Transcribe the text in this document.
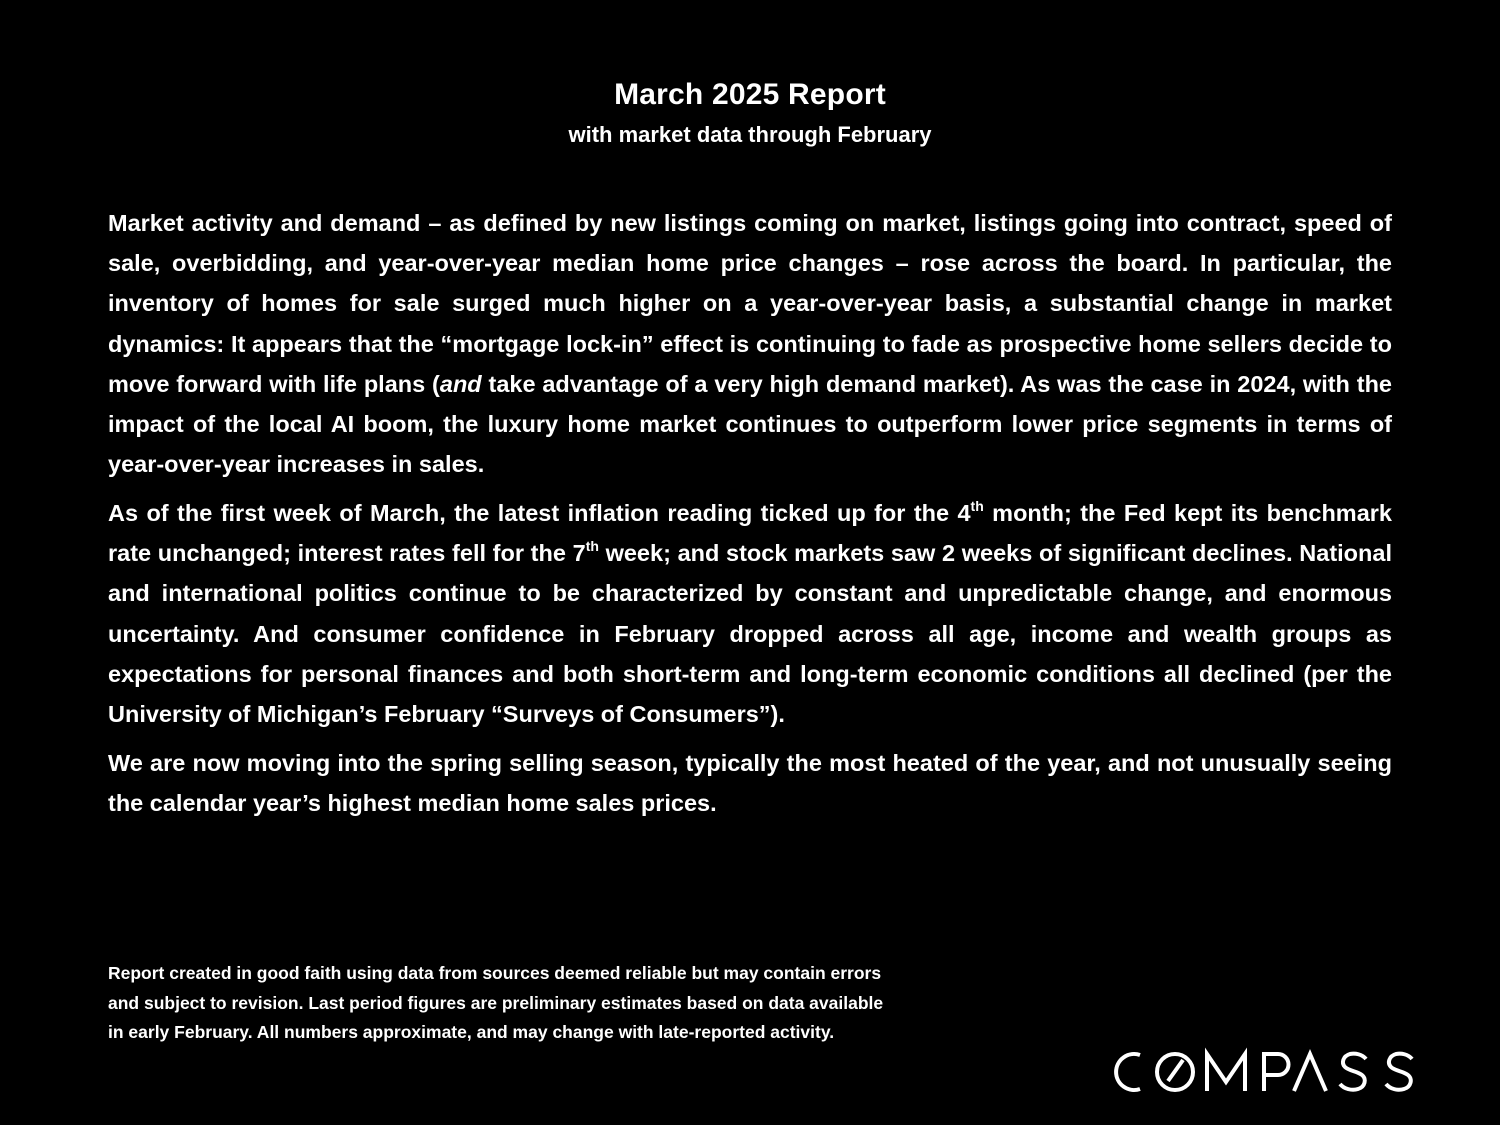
March 2025 Report
with market data through February

Market activity and demand – as defined by new listings coming on market, listings going into contract, speed of sale, overbidding, and year-over-year median home price changes – rose across the board. In particular, the inventory of homes for sale surged much higher on a year-over-year basis, a substantial change in market dynamics: It appears that the “mortgage lock-in” effect is continuing to fade as prospective home sellers decide to move forward with life plans (and take advantage of a very high demand market). As was the case in 2024, with the impact of the local AI boom, the luxury home market continues to outperform lower price segments in terms of year-over-year increases in sales.

As of the first week of March, the latest inflation reading ticked up for the 4th month; the Fed kept its benchmark rate unchanged; interest rates fell for the 7th week; and stock markets saw 2 weeks of significant declines. National and international politics continue to be characterized by constant and unpredictable change, and enormous uncertainty. And consumer confidence in February dropped across all age, income and wealth groups as expectations for personal finances and both short-term and long-term economic conditions all declined (per the University of Michigan’s February “Surveys of Consumers”).

We are now moving into the spring selling season, typically the most heated of the year, and not unusually seeing the calendar year’s highest median home sales prices.

Report created in good faith using data from sources deemed reliable but may contain errors
and subject to revision. Last period figures are preliminary estimates based on data available
in early February. All numbers approximate, and may change with late-reported activity.
